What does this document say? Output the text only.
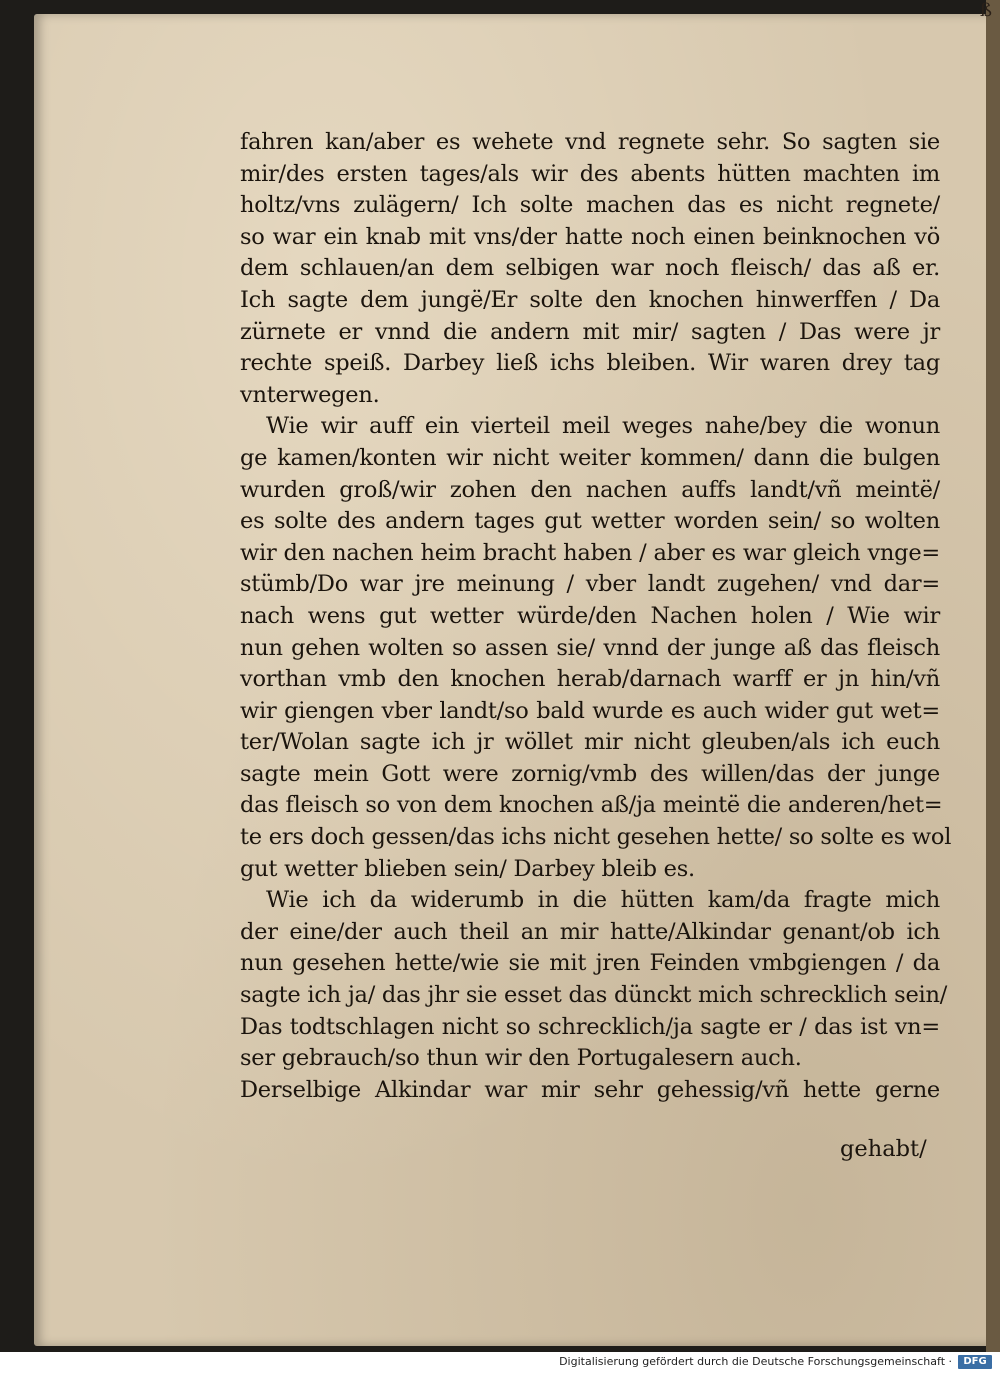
ß
fahren kan/aber es wehete vnd regnete sehr. So sagten sie
mir/des ersten tages/als wir des abents hütten machten im
holtz/vns zulägern/ Ich solte machen das es nicht regnete/
so war ein knab mit vns/der hatte noch einen beinknochen vö
dem schlauen/an dem selbigen war noch fleisch/ das aß er.
Ich sagte dem jungë/Er solte den knochen hinwerffen / Da
zürnete er vnnd die andern mit mir/ sagten / Das were jr
rechte speiß. Darbey ließ ichs bleiben. Wir waren drey tag
vnterwegen.
Wie wir auff ein vierteil meil weges nahe/bey die wonun
ge kamen/konten wir nicht weiter kommen/ dann die bulgen
wurden groß/wir zohen den nachen auffs landt/vñ meintë/
es solte des andern tages gut wetter worden sein/ so wolten
wir den nachen heim bracht haben / aber es war gleich vnge=
stümb/Do war jre meinung / vber landt zugehen/ vnd dar=
nach wens gut wetter würde/den Nachen holen / Wie wir
nun gehen wolten so assen sie/ vnnd der junge aß das fleisch
vorthan vmb den knochen herab/darnach warff er jn hin/vñ
wir giengen vber landt/so bald wurde es auch wider gut wet=
ter/Wolan sagte ich jr wöllet mir nicht gleuben/als ich euch
sagte mein Gott were zornig/vmb des willen/das der junge
das fleisch so von dem knochen aß/ja meintë die anderen/het=
te ers doch gessen/das ichs nicht gesehen hette/ so solte es wol
gut wetter blieben sein/ Darbey bleib es.
Wie ich da widerumb in die hütten kam/da fragte mich
der eine/der auch theil an mir hatte/Alkindar genant/ob ich
nun gesehen hette/wie sie mit jren Feinden vmbgiengen / da
sagte ich ja/ das jhr sie esset das dünckt mich schrecklich sein/
Das todtschlagen nicht so schrecklich/ja sagte er / das ist vn=
ser gebrauch/so thun wir den Portugalesern auch.
Derselbige Alkindar war mir sehr gehessig/vñ hette gerne
gehabt/
Digitalisierung gefördert durch die Deutsche Forschungsgemeinschaft ·	DFG
